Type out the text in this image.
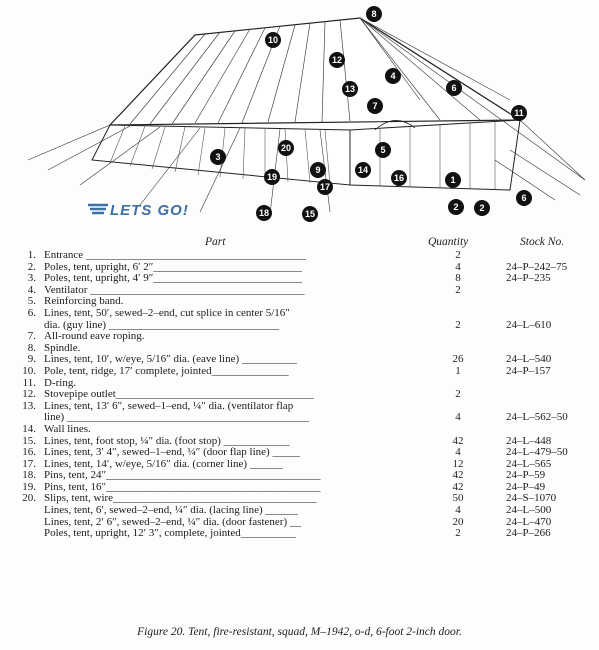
8
10
12
4
13	6
7
11
5
2
1
16
14
20
3
9
15
17
19
18
6
2
LETS GO!
Part	Quantity	Stock No.
1. Entrance ________________________________________	2
2. Poles, tent, upright, 6′ 2″___________________________	4	24–P–242–75
3. Poles, tent, upright, 4′ 9″___________________________	8	24–P–235
4. Ventilator _______________________________________	2
5. Reinforcing band.
6. Lines, tent, 50′, sewed–2–end, cut splice in center 5/16″
dia. (guy line) _______________________________	2	24–L–610
7. All-round eave roping.
8. Spindle.
9. Lines, tent, 10′, w/eye, 5/16″ dia. (eave line) __________	26	24–L–540
10. Pole, tent, ridge, 17′ complete, jointed______________	1	24–P–157
11. D-ring.
12. Stovepipe outlet____________________________________	2
13. Lines, tent, 13′ 6″, sewed–1–end, ¼″ dia. (ventilator flap
line) ____________________________________________	4	24–L–562–50
14. Wall lines.
15. Lines, tent, foot stop, ¼″ dia. (foot stop) ____________	42	24–L–448
16. Lines, tent, 3′ 4″, sewed–1–end, ¼″ (door flap line) _____	4	24–L–479–50
17. Lines, tent, 14′, w/eye, 5/16″ dia. (corner line) ______	12	24–L–565
18. Pins, tent, 24″_______________________________________	42	24–P–59
19. Pins, tent, 16″_______________________________________	42	24–P–49
20. Slips, tent, wire_____________________________________	50	24–S–1070
Lines, tent, 6′, sewed–2–end, ¼″ dia. (lacing line) ______	4	24–L–500
Lines, tent, 2′ 6″, sewed–2–end, ¼″ dia. (door fastener) __	20	24–L–470
Poles, tent, upright, 12′ 3″, complete, jointed__________	2	24–P–266
Figure 20. Tent, fire-resistant, squad, M–1942, o-d, 6-foot 2-inch door.
